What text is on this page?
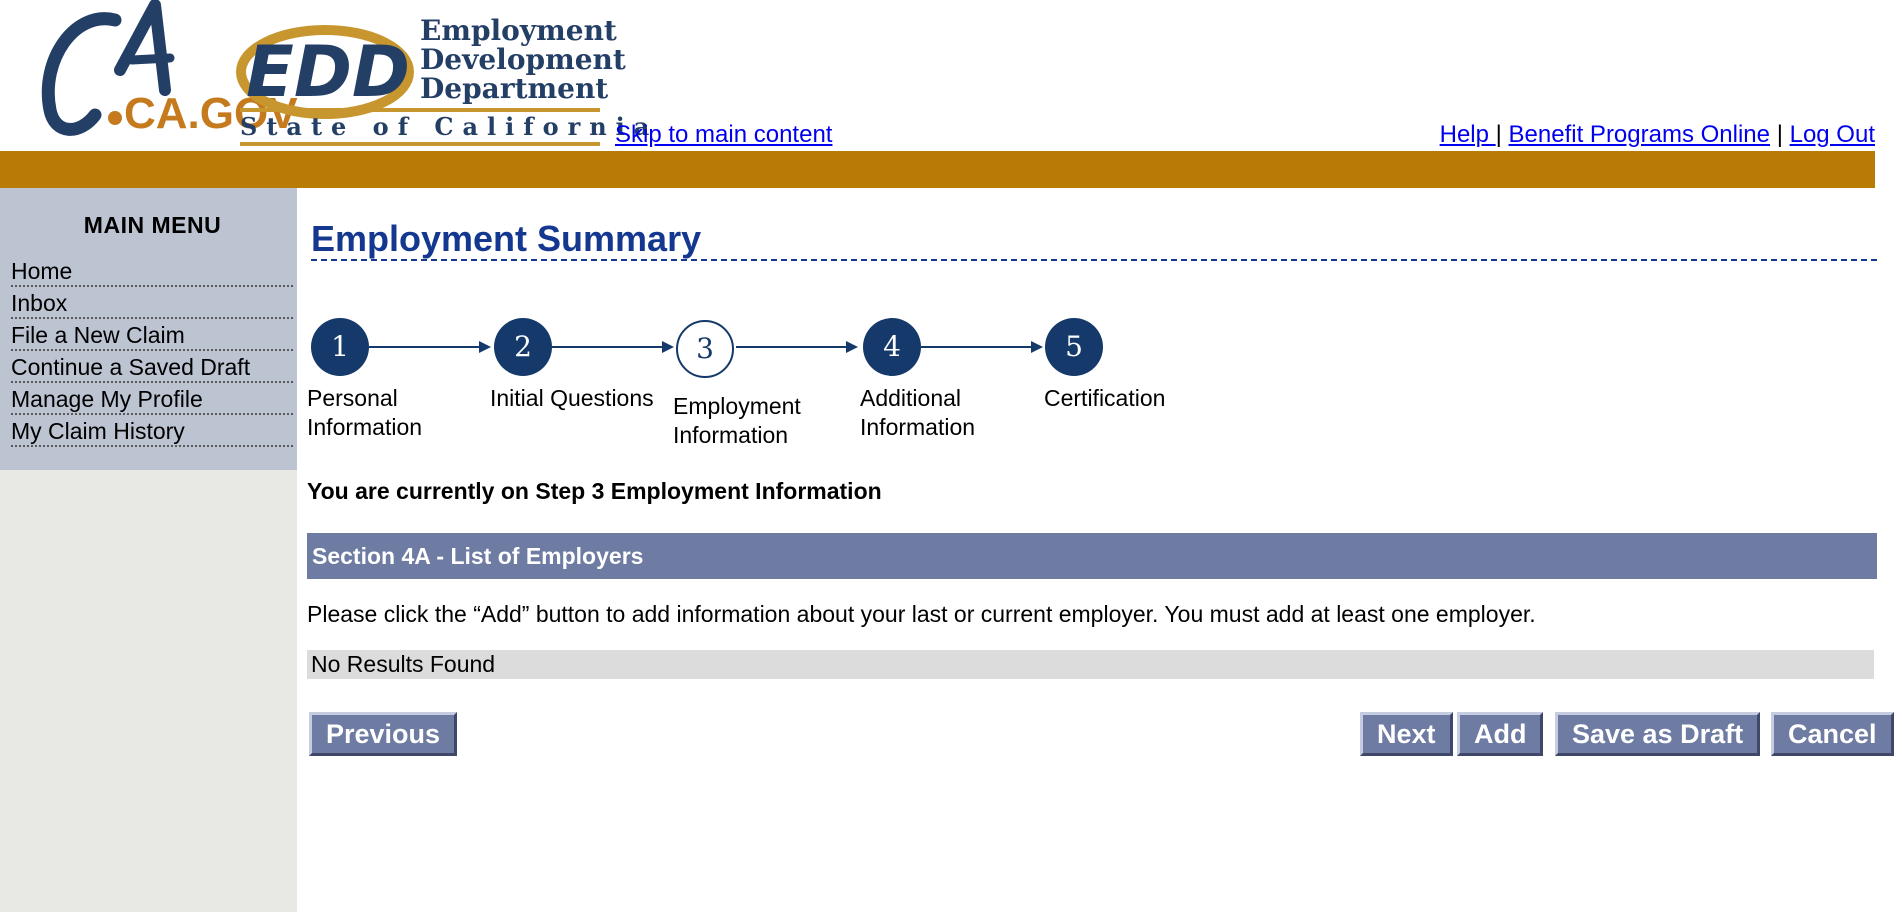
CA.GOV
EDD
Employment
Development
Department
State of California
Skip to main content	Help | Benefit Programs Online | Log Out
MAIN MENU
Home
Inbox
File a New Claim
Continue a Saved Draft
Manage My Profile
My Claim History
Employment Summary
1
Personal
Information
2
Initial Questions
3
Employment
Information
4
Additional
Information
5
Certification
You are currently on Step 3 Employment Information
Section 4A - List of Employers
Please click the “Add” button to add information about your last or current employer. You must add at least one employer.
No Results Found
Previous	Next	Add	Save as Draft	Cancel
